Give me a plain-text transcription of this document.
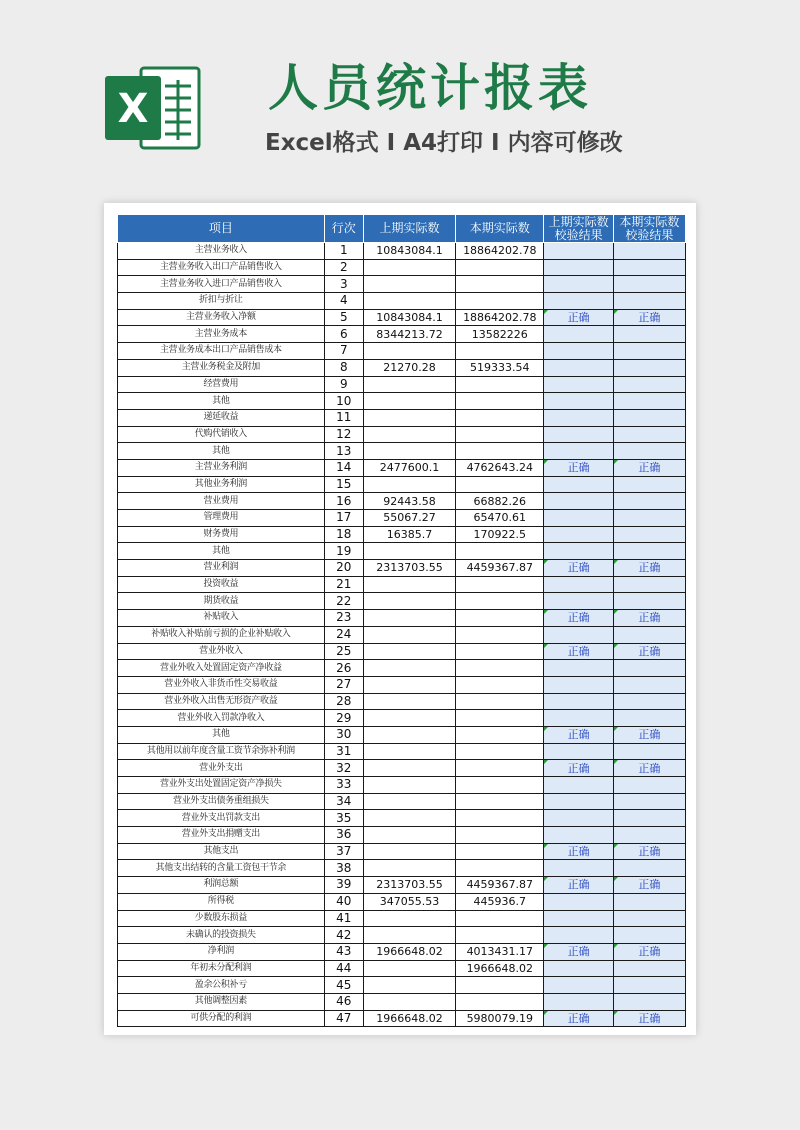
X 人员统计报表
Excel格式 I A4打印 I 内容可修改
项目	行次	上期实际数	本期实际数	上期实际数校验结果	本期实际数校验结果
主营业务收入	1	10843084.1	18864202.78		
主营业务收入出口产品销售收入	2				
主营业务收入进口产品销售收入	3				
折扣与折让	4				
主营业务收入净额	5	10843084.1	18864202.78	正确	正确
主营业务成本	6	8344213.72	13582226		
主营业务成本出口产品销售成本	7				
主营业务税金及附加	8	21270.28	519333.54		
经营费用	9				
其他	10				
递延收益	11				
代购代销收入	12				
其他	13				
主营业务利润	14	2477600.1	4762643.24	正确	正确
其他业务利润	15				
营业费用	16	92443.58	66882.26		
管理费用	17	55067.27	65470.61		
财务费用	18	16385.7	170922.5		
其他	19				
营业利润	20	2313703.55	4459367.87	正确	正确
投资收益	21				
期货收益	22				
补贴收入	23			正确	正确
补贴收入补贴前亏损的企业补贴收入	24				
营业外收入	25			正确	正确
营业外收入处置固定资产净收益	26				
营业外收入非货币性交易收益	27				
营业外收入出售无形资产收益	28				
营业外收入罚款净收入	29				
其他	30			正确	正确
其他用以前年度含量工资节余弥补利润	31				
营业外支出	32			正确	正确
营业外支出处置固定资产净损失	33				
营业外支出债务重组损失	34				
营业外支出罚款支出	35				
营业外支出捐赠支出	36				
其他支出	37			正确	正确
其他支出结转的含量工资包干节余	38				
利润总额	39	2313703.55	4459367.87	正确	正确
所得税	40	347055.53	445936.7		
少数股东损益	41				
未确认的投资损失	42				
净利润	43	1966648.02	4013431.17	正确	正确
年初未分配利润	44		1966648.02		
盈余公积补亏	45				
其他调整因素	46				
可供分配的利润	47	1966648.02	5980079.19	正确	正确
